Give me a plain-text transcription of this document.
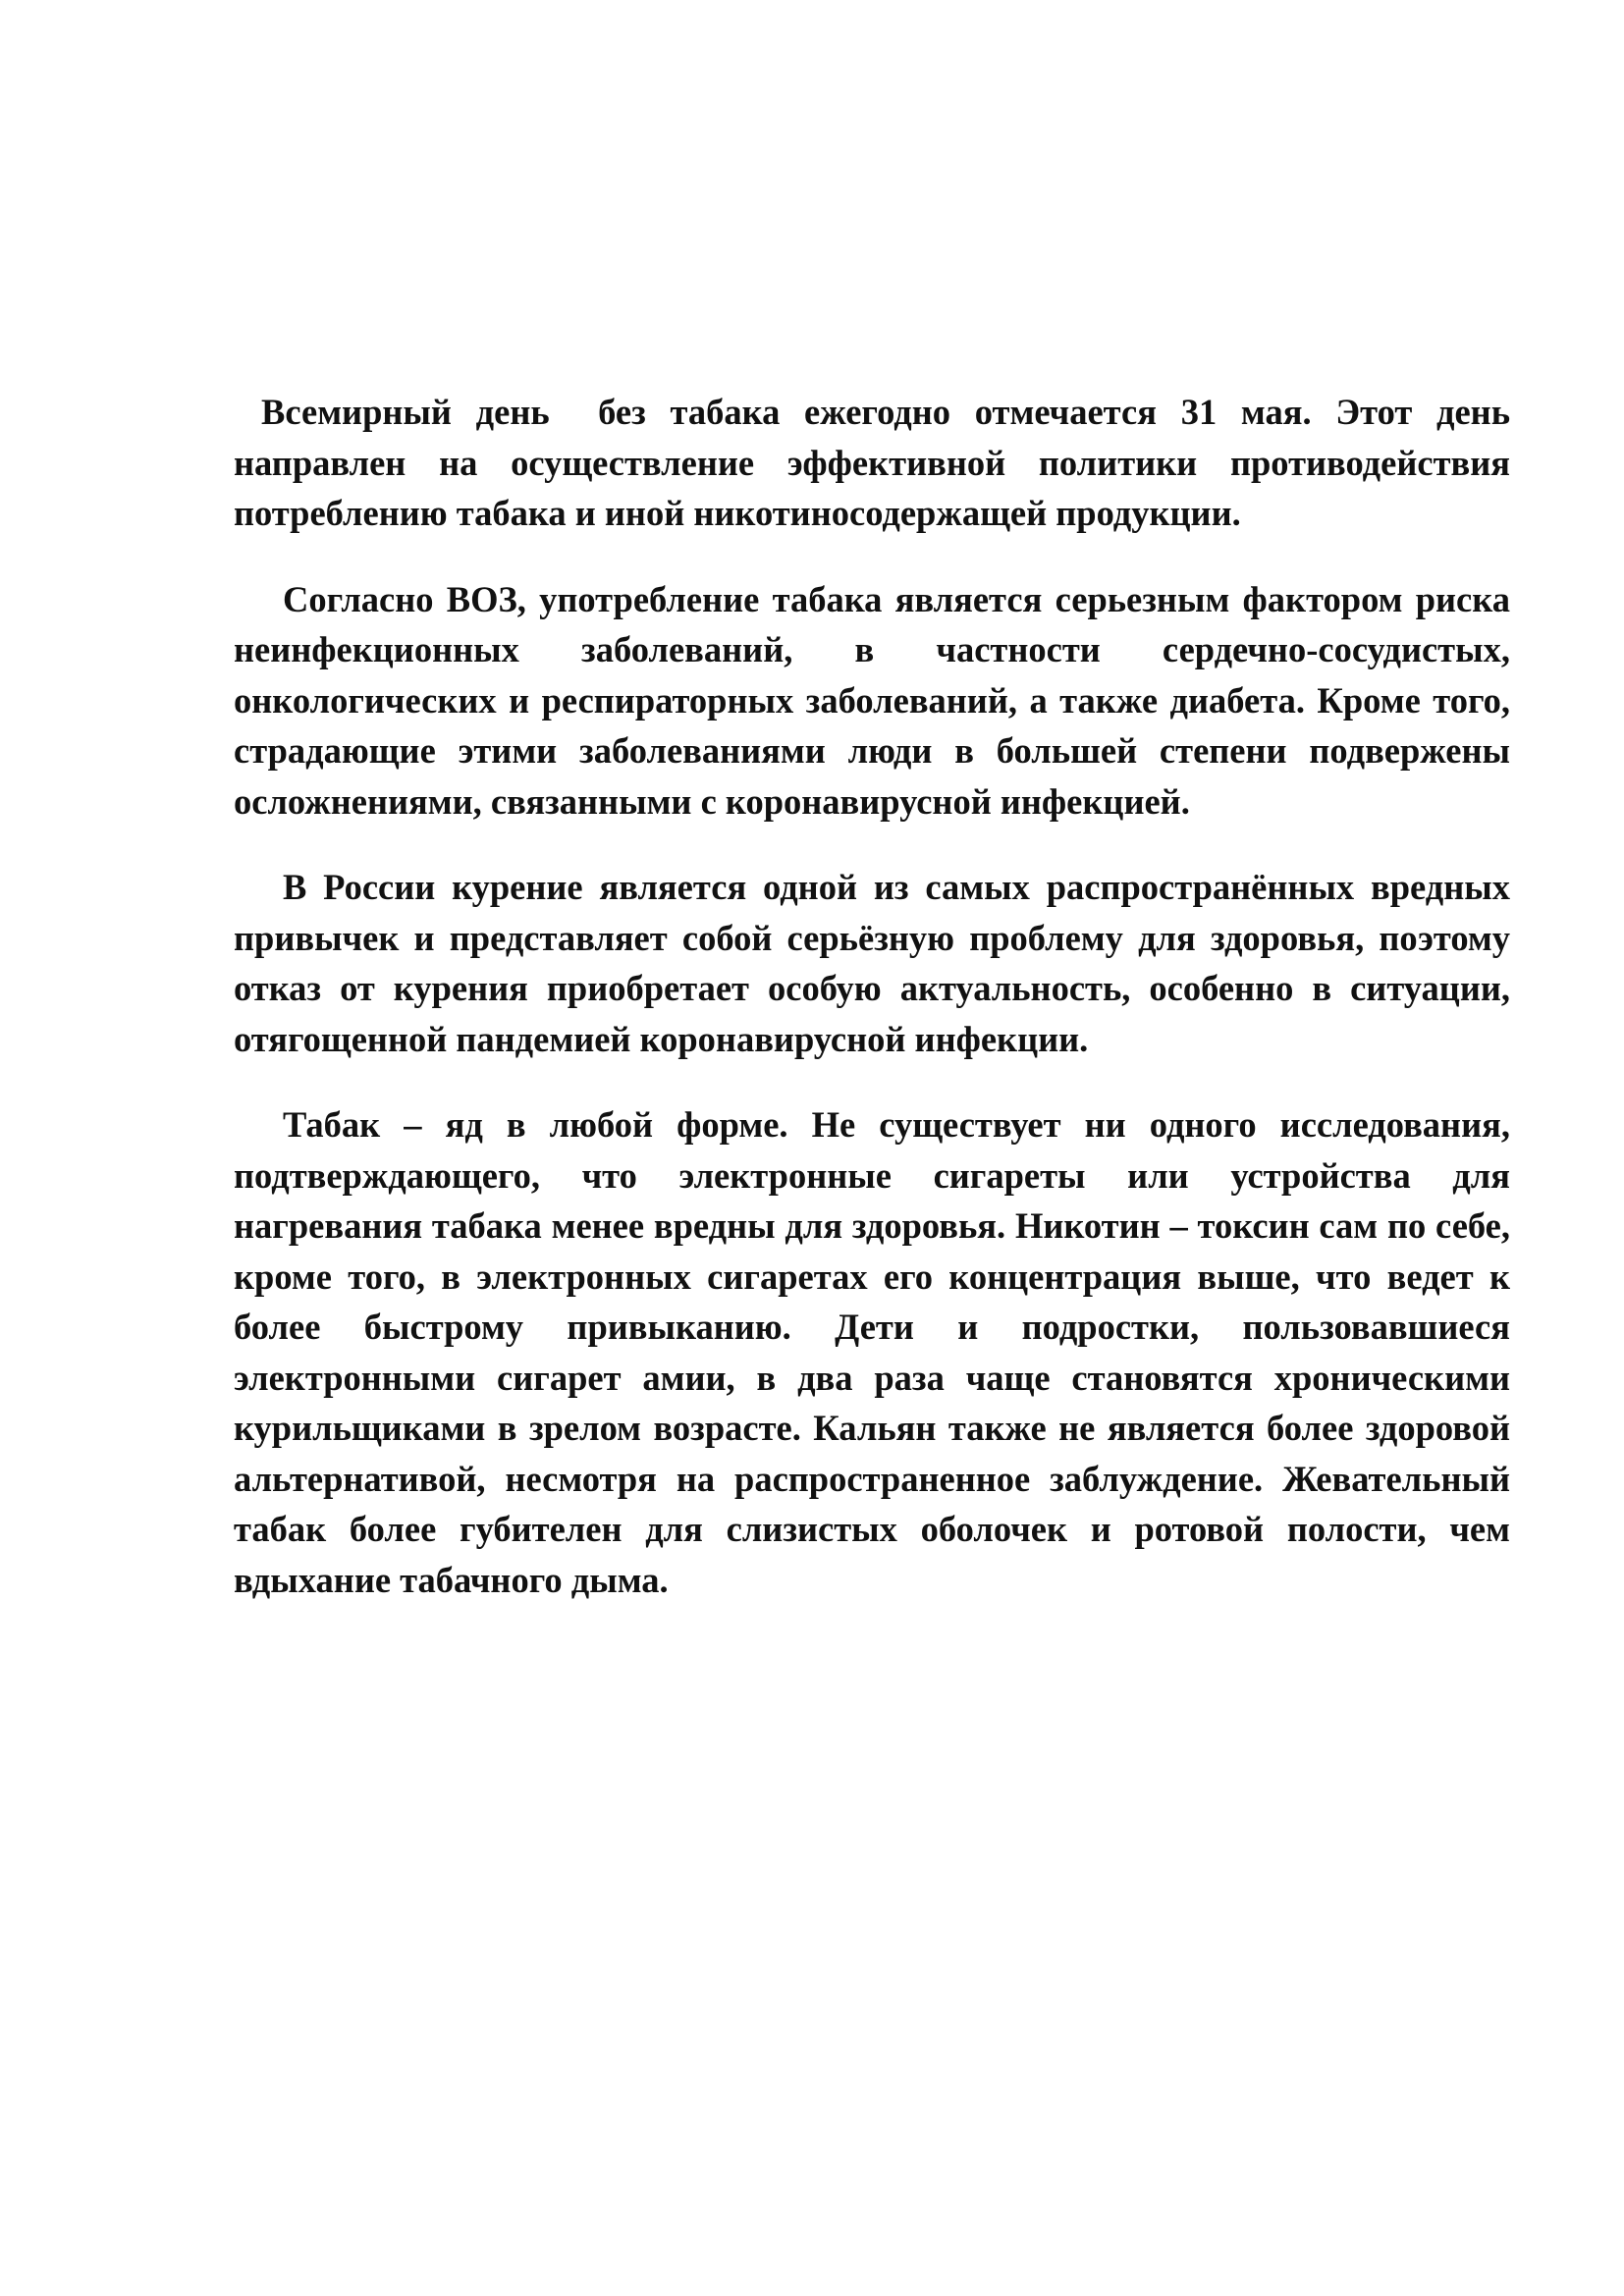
Всемирный день  без табака ежегодно отмечается 31 мая. Этот день направлен на осуществление эффективной политики противодействия потреблению табака и иной никотиносодержащей продукции.

Согласно ВОЗ, употребление табака является серьезным фактором риска неинфекционных заболеваний, в частности сердечно-сосудистых, онкологических и респираторных заболеваний, а также диабета. Кроме того, страдающие этими заболеваниями люди в большей степени подвержены осложнениями, связанными с коронавирусной инфекцией.

В России курение является одной из самых распространённых вредных привычек и представляет собой серьёзную проблему для здоровья, поэтому отказ от курения приобретает особую актуальность, особенно в ситуации, отягощенной пандемией коронавирусной инфекции.

Табак – яд в любой форме. Не существует ни одного исследования, подтверждающего, что электронные сигареты или устройства для нагревания табака менее вредны для здоровья. Никотин – токсин сам по себе, кроме того, в электронных сигаретах его концентрация выше, что ведет к более быстрому привыканию. Дети и подростки, пользовавшиеся электронными сигарет амии, в два раза чаще становятся хроническими курильщиками в зрелом возрасте. Кальян также не является более здоровой альтернативой, несмотря на распространенное заблуждение. Жевательный табак более губителен для слизистых оболочек и ротовой полости, чем вдыхание табачного дыма.
